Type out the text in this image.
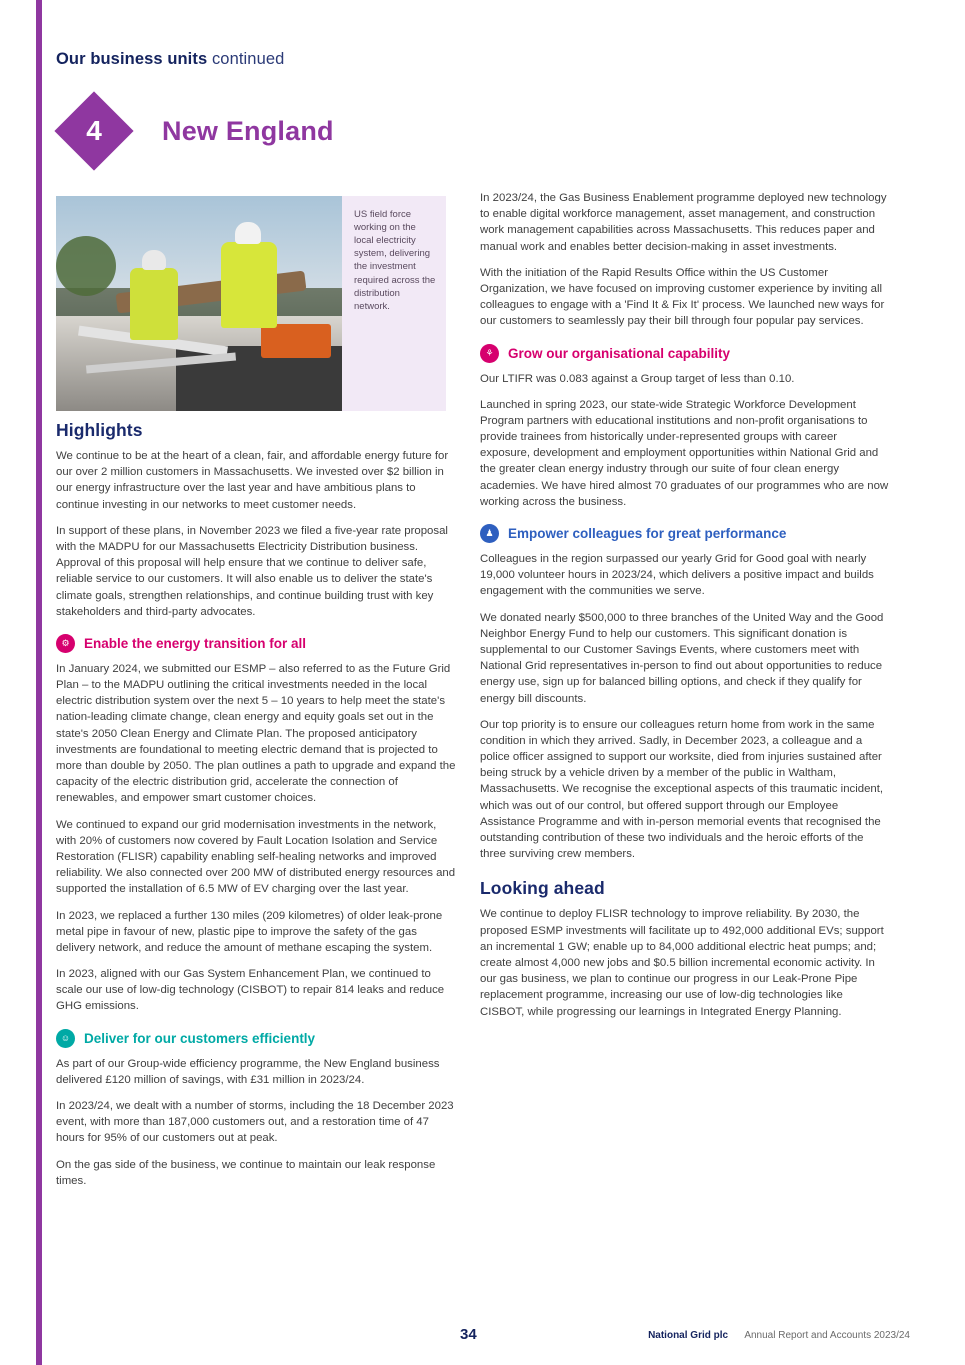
Our business units continued
4	New England
US field force working on the local electricity system, delivering the investment required across the distribution network.
Highlights

We continue to be at the heart of a clean, fair, and affordable energy future for our over 2 million customers in Massachusetts. We invested over $2 billion in our energy infrastructure over the last year and have ambitious plans to continue investing in our networks to meet customer needs.

In support of these plans, in November 2023 we filed a five-year rate proposal with the MADPU for our Massachusetts Electricity Distribution business. Approval of this proposal will help ensure that we continue to deliver safe, reliable service to our customers. It will also enable us to deliver the state's climate goals, strengthen relationships, and continue building trust with key stakeholders and third-party advocates.

⚙	Enable the energy transition for all

In January 2024, we submitted our ESMP – also referred to as the Future Grid Plan – to the MADPU outlining the critical investments needed in the local electric distribution system over the next 5 – 10 years to help meet the state's nation-leading climate change, clean energy and equity goals set out in the state's 2050 Clean Energy and Climate Plan. The proposed anticipatory investments are foundational to meeting electric demand that is projected to more than double by 2050. The plan outlines a path to upgrade and expand the capacity of the electric distribution grid, accelerate the connection of renewables, and empower smart customer choices.

We continued to expand our grid modernisation investments in the network, with 20% of customers now covered by Fault Location Isolation and Service Restoration (FLISR) capability enabling self-healing networks and improved reliability. We also connected over 200 MW of distributed energy resources and supported the installation of 6.5 MW of EV charging over the last year.

In 2023, we replaced a further 130 miles (209 kilometres) of older leak-prone metal pipe in favour of new, plastic pipe to improve the safety of the gas delivery network, and reduce the amount of methane escaping the system.

In 2023, aligned with our Gas System Enhancement Plan, we continued to scale our use of low-dig technology (CISBOT) to repair 814 leaks and reduce GHG emissions.

☺	Deliver for our customers efficiently

As part of our Group-wide efficiency programme, the New England business delivered £120 million of savings, with £31 million in 2023/24.

In 2023/24, we dealt with a number of storms, including the 18 December 2023 event, with more than 187,000 customers out, and a restoration time of 47 hours for 95% of our customers out at peak.

On the gas side of the business, we continue to maintain our leak response times.

In 2023/24, the Gas Business Enablement programme deployed new technology to enable digital workforce management, asset management, and construction work management capabilities across Massachusetts. This reduces paper and manual work and enables better decision-making in asset investments.

With the initiation of the Rapid Results Office within the US Customer Organization, we have focused on improving customer experience by inviting all colleagues to engage with a 'Find It & Fix It' process. We launched new ways for our customers to seamlessly pay their bill through four popular pay services.

⚘	Grow our organisational capability

Our LTIFR was 0.083 against a Group target of less than 0.10.

Launched in spring 2023, our state-wide Strategic Workforce Development Program partners with educational institutions and non-profit organisations to provide trainees from historically under-represented groups with career exposure, development and employment opportunities within National Grid and the greater clean energy industry through our suite of four clean energy academies. We have hired almost 70 graduates of our programmes who are now working across the business.

♟	Empower colleagues for great performance

Colleagues in the region surpassed our yearly Grid for Good goal with nearly 19,000 volunteer hours in 2023/24, which delivers a positive impact and builds engagement with the communities we serve.

We donated nearly $500,000 to three branches of the United Way and the Good Neighbor Energy Fund to help our customers. This significant donation is supplemental to our Customer Savings Events, where customers meet with National Grid representatives in-person to find out about opportunities to reduce energy use, sign up for balanced billing options, and check if they qualify for energy bill discounts.

Our top priority is to ensure our colleagues return home from work in the same condition in which they arrived. Sadly, in December 2023, a colleague and a police officer assigned to support our worksite, died from injuries sustained after being struck by a vehicle driven by a member of the public in Waltham, Massachusetts. We recognise the exceptional aspects of this traumatic incident, which was out of our control, but offered support through our Employee Assistance Programme and with in-person memorial events that recognised the outstanding contribution of these two individuals and the heroic efforts of the three surviving crew members.

Looking ahead

We continue to deploy FLISR technology to improve reliability. By 2030, the proposed ESMP investments will facilitate up to 492,000 additional EVs; support an incremental 1 GW; enable up to 84,000 additional electric heat pumps; and; create almost 4,000 new jobs and $0.5 billion incremental economic activity. In our gas business, we plan to continue our progress in our Leak-Prone Pipe replacement programme, increasing our use of low-dig technologies like CISBOT, while progressing our learnings in Integrated Energy Planning.

34	National Grid plc Annual Report and Accounts 2023/24
